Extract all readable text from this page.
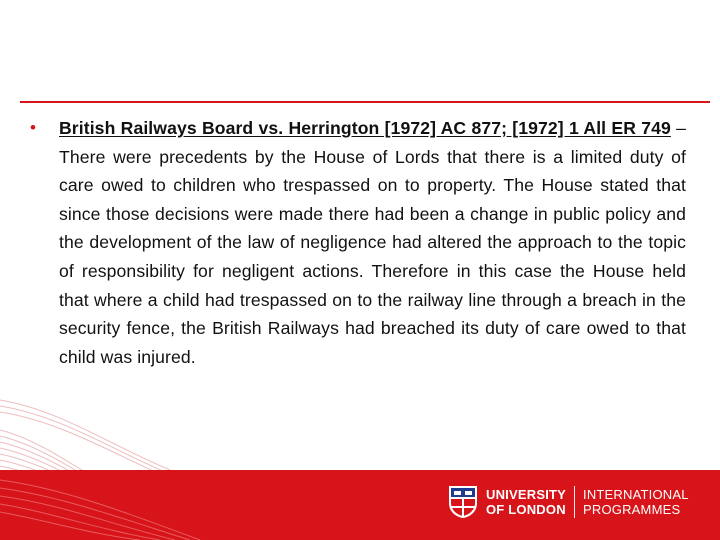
• British Railways Board vs. Herrington [1972] AC 877; [1972] 1 All ER 749 – There were precedents by the House of Lords that there is a limited duty of care owed to children who trespassed on to property. The House stated that since those decisions were made there had been a change in public policy and the development of the law of negligence had altered the approach to the topic of responsibility for negligent actions. Therefore in this case the House held that where a child had trespassed on to the railway line through a breach in the security fence, the British Railways had breached its duty of care owed to that child was injured.

UNIVERSITY
OF LONDON
INTERNATIONAL
PROGRAMMES
